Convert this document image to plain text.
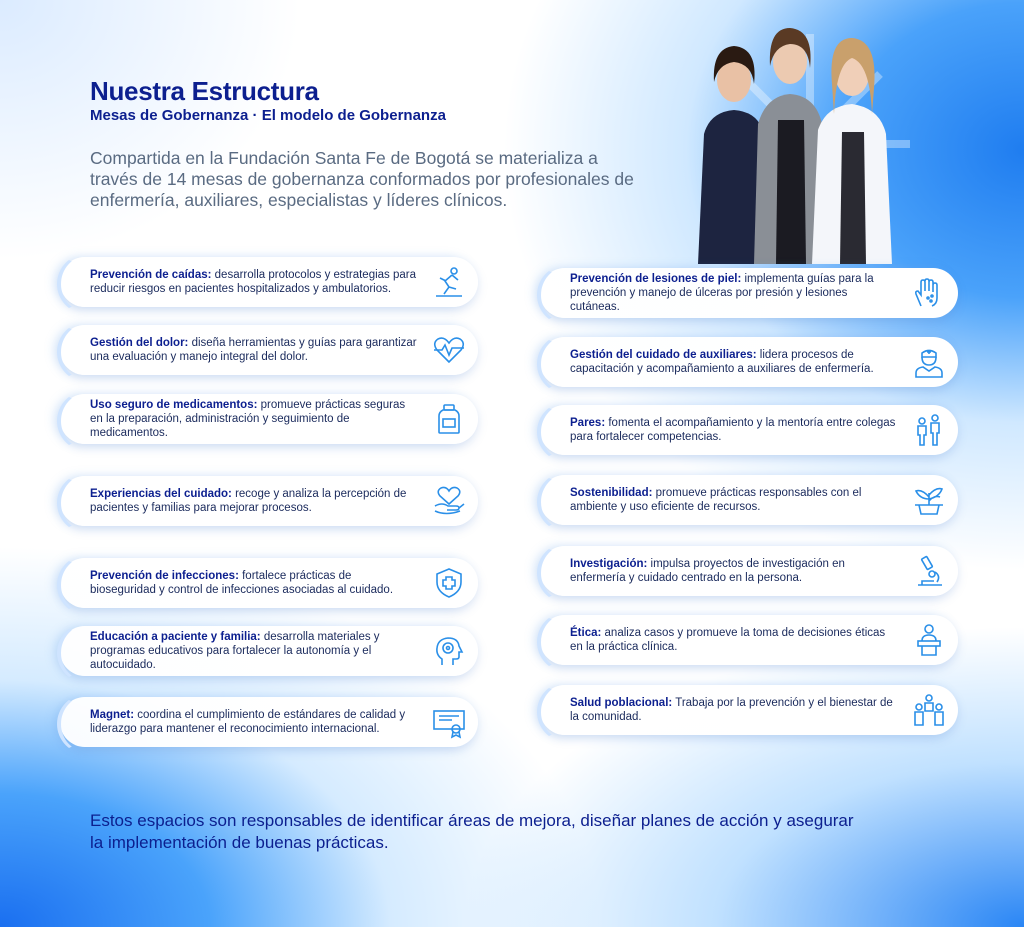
Nuestra Estructura
Mesas de Gobernanza · El modelo de Gobernanza
Compartida en la Fundación Santa Fe de Bogotá se materializa a través de 14 mesas de gobernanza conformados por profesionales de enfermería, auxiliares, especialistas y líderes clínicos.
Prevención de caídas: desarrolla protocolos y estrategias para reducir riesgos en pacientes hospitalizados y ambulatorios.
Gestión del dolor: diseña herramientas y guías para garantizar una evaluación y manejo integral del dolor.
Uso seguro de medicamentos: promueve prácticas seguras en la preparación, administración y seguimiento de medicamentos.
Experiencias del cuidado: recoge y analiza la percepción de pacientes y familias para mejorar procesos.
Prevención de infecciones: fortalece prácticas de bioseguridad y control de infecciones asociadas al cuidado.
Educación a paciente y familia: desarrolla materiales y programas educativos para fortalecer la autonomía y el autocuidado.
Magnet: coordina el cumplimiento de estándares de calidad y liderazgo para mantener el reconocimiento internacional.
Prevención de lesiones de piel: implementa guías para la prevención y manejo de úlceras por presión y lesiones cutáneas.
Gestión del cuidado de auxiliares: lidera procesos de capacitación y acompañamiento a auxiliares de enfermería.
Pares: fomenta el acompañamiento y la mentoría entre colegas para fortalecer competencias.
Sostenibilidad: promueve prácticas responsables con el ambiente y uso eficiente de recursos.
Investigación: impulsa proyectos de investigación en enfermería y cuidado centrado en la persona.
Ética: analiza casos y promueve la toma de decisiones éticas en la práctica clínica.
Salud poblacional: Trabaja por la prevención y el bienestar de la comunidad.
Estos espacios son responsables de identificar áreas de mejora, diseñar planes de acción y asegurar la implementación de buenas prácticas.
